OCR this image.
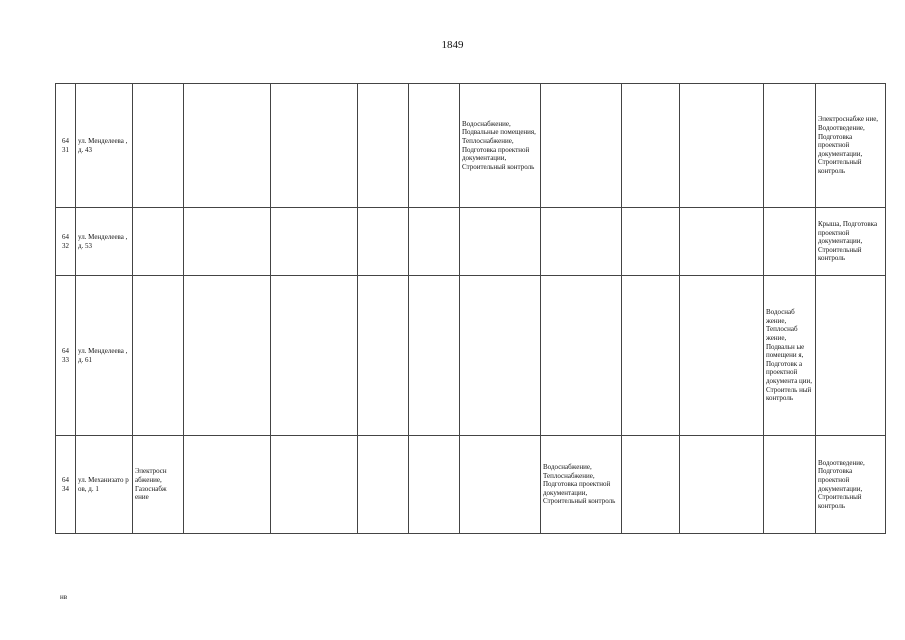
1849
64
31	ул. Менделеева , д. 43						Водоснабжение, Подвальные помещения, Теплоснабжение, Подготовка проектной документации, Строительный контроль					Электроснабже ние, Водоотведение, Подготовка проектной документации, Строительный контроль

64
32	ул. Менделеева , д. 53											Крыша, Подготовка проектной документации, Строительный контроль

64
33	ул. Менделеева , д. 61										Водоснаб жение, Теплоснаб жение, Подвальн ые помещени я, Подготовк а проектной документа ции, Строитель ный контроль	

64
34	ул. Механизато ров, д. 1	Электросн абжение, Газоснабж ение						Водоснабжение, Теплоснабжение, Подготовка проектной документации, Строительный контроль				Водоотведение, Подготовка проектной документации, Строительный контроль
нв
